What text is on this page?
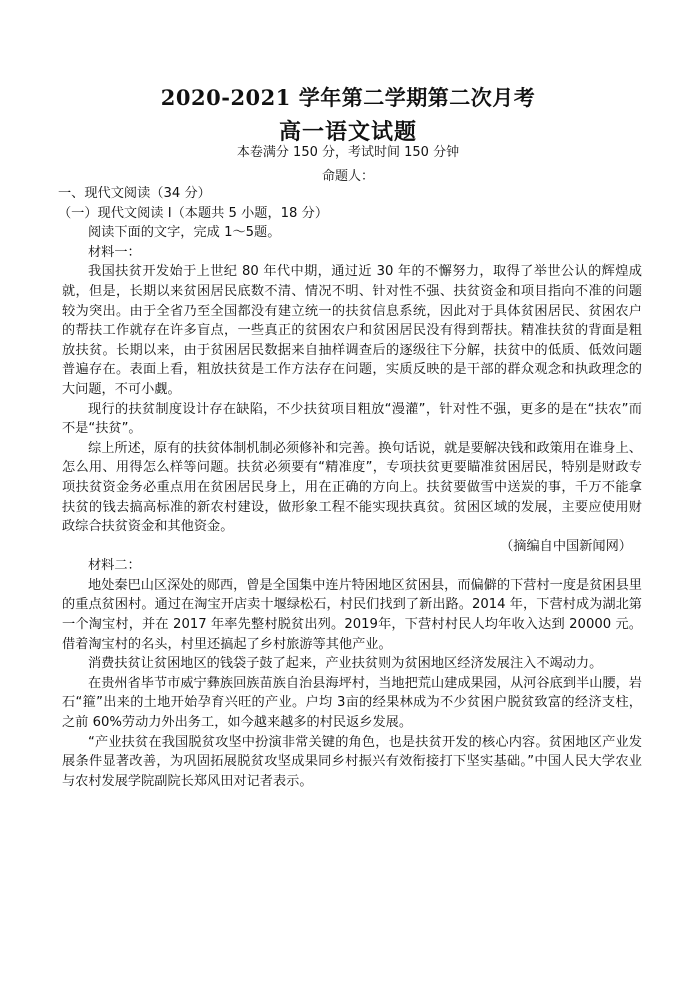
2020-2021 学年第二学期第二次月考
高一语文试题
本卷满分 150 分，考试时间 150 分钟
命题人：
一、现代文阅读（34 分）
（一）现代文阅读 I（本题共 5 小题，18 分）

阅读下面的文字，完成 1～5题。

材料一：

我国扶贫开发始于上世纪 80 年代中期，通过近 30 年的不懈努力，取得了举世公认的辉煌成就，但是，长期以来贫困居民底数不清、情况不明、针对性不强、扶贫资金和项目指向不准的问题较为突出。由于全省乃至全国都没有建立统一的扶贫信息系统，因此对于具体贫困居民、贫困农户的帮扶工作就存在许多盲点，一些真正的贫困农户和贫困居民没有得到帮扶。精准扶贫的背面是粗放扶贫。长期以来，由于贫困居民数据来自抽样调查后的逐级往下分解，扶贫中的低质、低效问题普遍存在。表面上看，粗放扶贫是工作方法存在问题，实质反映的是干部的群众观念和执政理念的大问题，不可小觑。

现行的扶贫制度设计存在缺陷，不少扶贫项目粗放“漫灌”，针对性不强，更多的是在“扶农”而不是“扶贫”。

综上所述，原有的扶贫体制机制必须修补和完善。换句话说，就是要解决钱和政策用在谁身上、怎么用、用得怎么样等问题。扶贫必须要有“精准度”，专项扶贫更要瞄准贫困居民，特别是财政专项扶贫资金务必重点用在贫困居民身上，用在正确的方向上。扶贫要做雪中送炭的事，千万不能拿扶贫的钱去搞高标准的新农村建设，做形象工程不能实现扶真贫。贫困区域的发展，主要应使用财政综合扶贫资金和其他资金。

（摘编自中国新闻网）

材料二：

地处秦巴山区深处的郧西，曾是全国集中连片特困地区贫困县，而偏僻的下营村一度是贫困县里的重点贫困村。通过在淘宝开店卖十堰绿松石，村民们找到了新出路。2014 年，下营村成为湖北第一个淘宝村，并在 2017 年率先整村脱贫出列。2019年，下营村村民人均年收入达到 20000 元。借着淘宝村的名头，村里还搞起了乡村旅游等其他产业。

消费扶贫让贫困地区的钱袋子鼓了起来，产业扶贫则为贫困地区经济发展注入不竭动力。

在贵州省毕节市威宁彝族回族苗族自治县海坪村，当地把荒山建成果园，从河谷底到半山腰，岩石“箍”出来的土地开始孕育兴旺的产业。户均 3亩的经果林成为不少贫困户脱贫致富的经济支柱，之前 60%劳动力外出务工，如今越来越多的村民返乡发展。

“产业扶贫在我国脱贫攻坚中扮演非常关键的角色，也是扶贫开发的核心内容。贫困地区产业发展条件显著改善，为巩固拓展脱贫攻坚成果同乡村振兴有效衔接打下坚实基础。”中国人民大学农业与农村发展学院副院长郑风田对记者表示。
